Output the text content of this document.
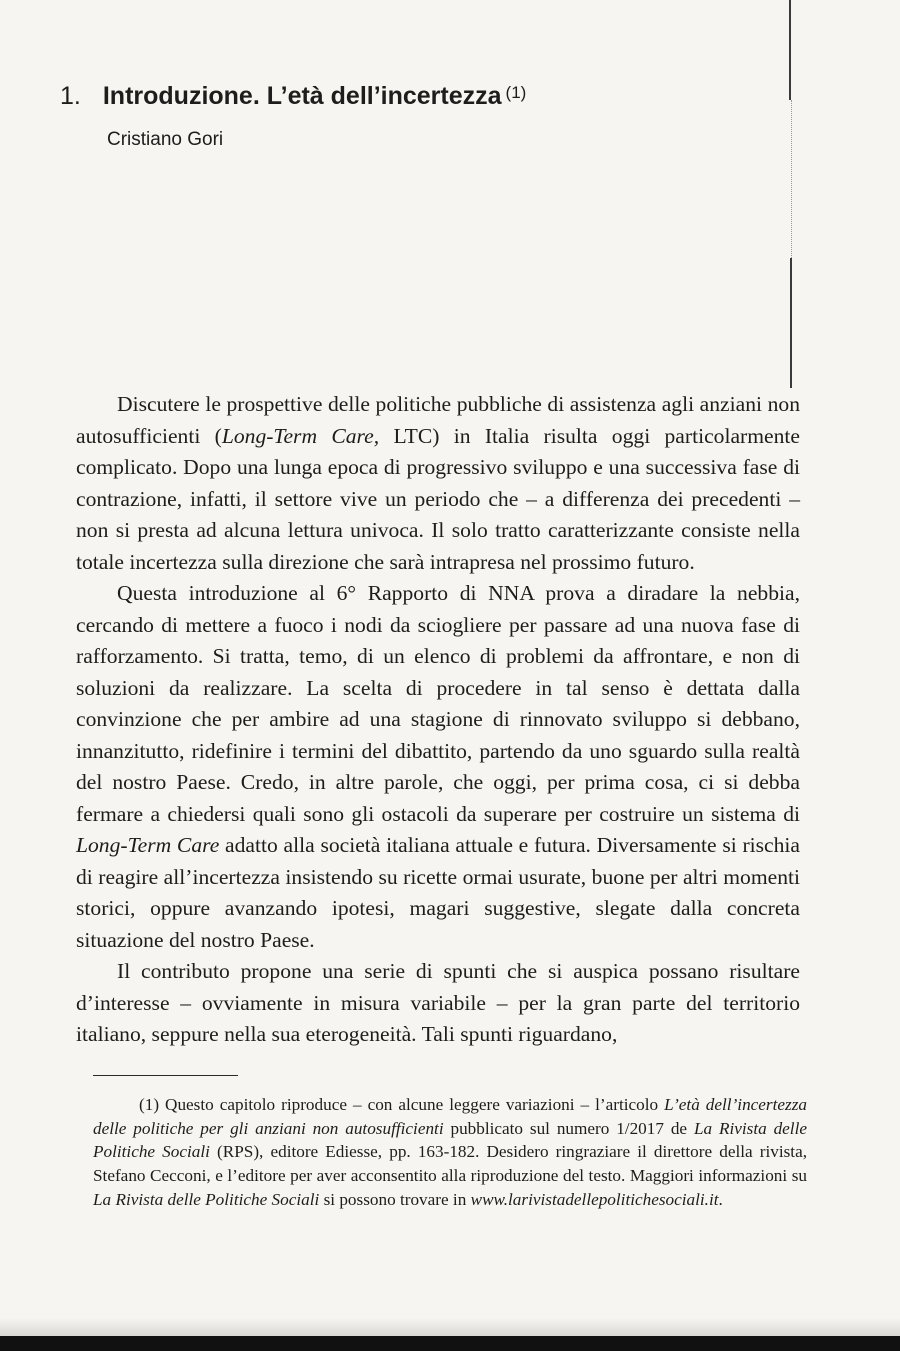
1. Introduzione. L’età dell’incertezza $^{(1)}$
Cristiano Gori

Discutere le prospettive delle politiche pubbliche di assistenza agli anziani non autosufficienti (Long-Term Care, LTC) in Italia risulta oggi particolarmente complicato. Dopo una lunga epoca di progressivo sviluppo e una successiva fase di contrazione, infatti, il settore vive un periodo che – a differenza dei precedenti – non si presta ad alcuna lettura univoca. Il solo tratto caratterizzante consiste nella totale incertezza sulla direzione che sarà intrapresa nel prossimo futuro.

Questa introduzione al 6° Rapporto di NNA prova a diradare la nebbia, cercando di mettere a fuoco i nodi da sciogliere per passare ad una nuova fase di rafforzamento. Si tratta, temo, di un elenco di problemi da affrontare, e non di soluzioni da realizzare. La scelta di procedere in tal senso è dettata dalla convinzione che per ambire ad una stagione di rinnovato sviluppo si debbano, innanzitutto, ridefinire i termini del dibattito, partendo da uno sguardo sulla realtà del nostro Paese. Credo, in altre parole, che oggi, per prima cosa, ci si debba fermare a chiedersi quali sono gli ostacoli da superare per costruire un sistema di Long-Term Care adatto alla società italiana attuale e futura. Diversamente si rischia di reagire all’incertezza insistendo su ricette ormai usurate, buone per altri momenti storici, oppure avanzando ipotesi, magari suggestive, slegate dalla concreta situazione del nostro Paese.

Il contributo propone una serie di spunti che si auspica possano risultare d’interesse – ovviamente in misura variabile – per la gran parte del territorio italiano, seppure nella sua eterogeneità. Tali spunti riguardano,

(1) Questo capitolo riproduce – con alcune leggere variazioni – l’articolo L’età dell’incertezza delle politiche per gli anziani non autosufficienti pubblicato sul numero 1/2017 de La Rivista delle Politiche Sociali (RPS), editore Ediesse, pp. 163-182. Desidero ringraziare il direttore della rivista, Stefano Cecconi, e l’editore per aver acconsentito alla riproduzione del testo. Maggiori informazioni su La Rivista delle Politiche Sociali si possono trovare in www.larivistadellepolitichesociali.it.
